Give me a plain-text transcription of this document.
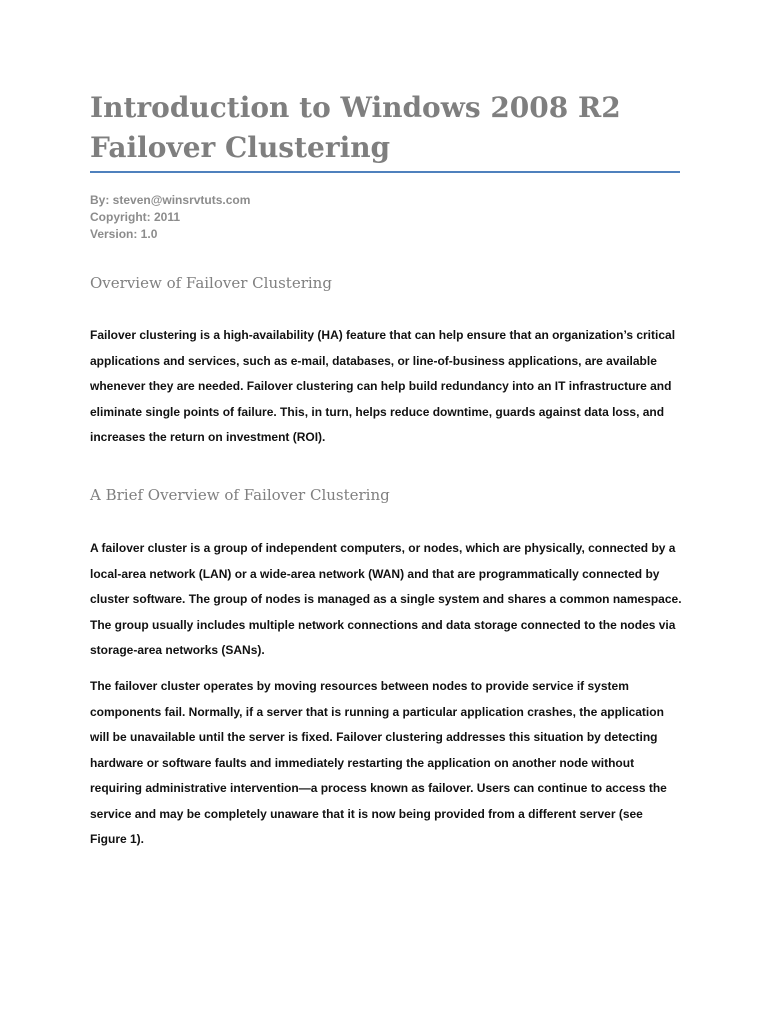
Introduction to Windows 2008 R2
Failover Clustering
By: steven@winsrvtuts.com
Copyright: 2011
Version: 1.0
Overview of Failover Clustering
Failover clustering is a high-availability (HA) feature that can help ensure that an organization’s critical
applications and services, such as e-mail, databases, or line-of-business applications, are available
whenever they are needed. Failover clustering can help build redundancy into an IT infrastructure and
eliminate single points of failure. This, in turn, helps reduce downtime, guards against data loss, and
increases the return on investment (ROI).
A Brief Overview of Failover Clustering
A failover cluster is a group of independent computers, or nodes, which are physically, connected by a
local-area network (LAN) or a wide-area network (WAN) and that are programmatically connected by
cluster software. The group of nodes is managed as a single system and shares a common namespace.
The group usually includes multiple network connections and data storage connected to the nodes via
storage-area networks (SANs).
The failover cluster operates by moving resources between nodes to provide service if system
components fail. Normally, if a server that is running a particular application crashes, the application
will be unavailable until the server is fixed. Failover clustering addresses this situation by detecting
hardware or software faults and immediately restarting the application on another node without
requiring administrative intervention—a process known as failover. Users can continue to access the
service and may be completely unaware that it is now being provided from a different server (see
Figure 1).
